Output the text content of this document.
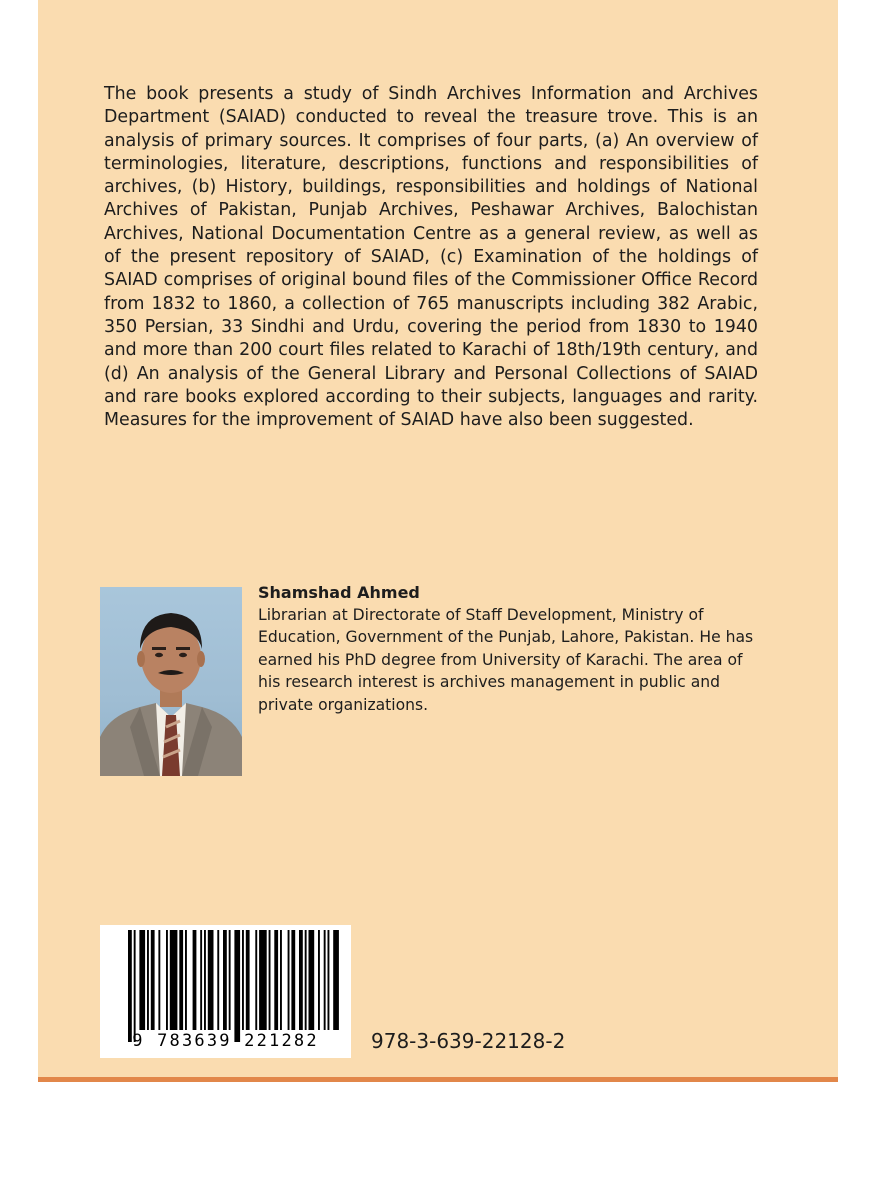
The book presents a study of Sindh Archives Information and Archives Department (SAIAD) conducted to reveal the treasure trove. This is an analysis of primary sources. It comprises of four parts, (a) An overview of terminologies, literature, descriptions, functions and responsibilities of archives, (b) History, buildings, responsibilities and holdings of National Archives of Pakistan, Punjab Archives, Peshawar Archives, Balochistan Archives, National Documentation Centre as a general review, as well as of the present repository of SAIAD, (c) Examination of the holdings of SAIAD comprises of original bound files of the Commissioner Office Record from 1832 to 1860, a collection of 765 manuscripts including 382 Arabic, 350 Persian, 33 Sindhi and Urdu, covering the period from 1830 to 1940 and more than 200 court files related to Karachi of 18th/19th century, and (d) An analysis of the General Library and Personal Collections of SAIAD and rare books explored according to their subjects, languages and rarity. Measures for the improvement of SAIAD have also been suggested.

Shamshad Ahmed

Librarian at Directorate of Staff Development, Ministry of Education, Government of the Punjab, Lahore, Pakistan. He has earned his PhD degree from University of Karachi. The area of his research interest is archives management in public and private organizations.

9 783639 221282	978-3-639-22128-2
